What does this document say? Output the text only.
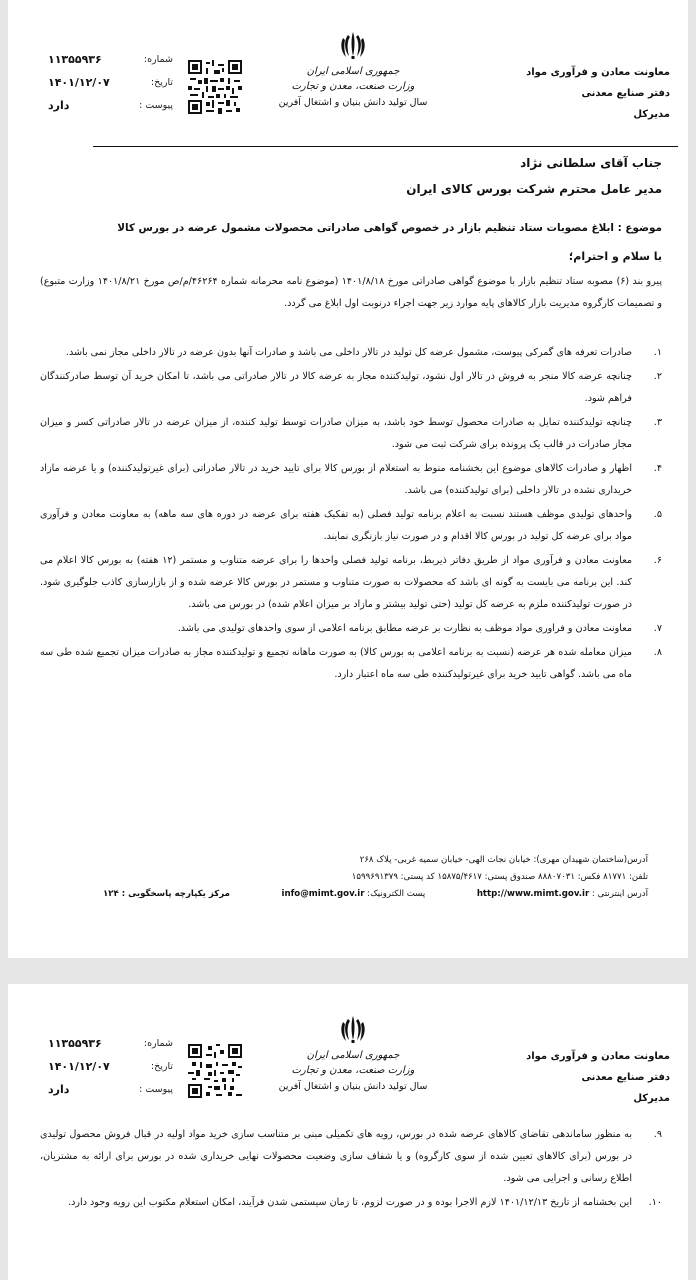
معاونت معادن و فرآوری مواد
دفتر صنایع معدنی
مدیرکل
جمهوری اسلامی ایران
وزارت صنعت، معدن و تجارت
سال تولید دانش بنیان و اشتغال آفرین
شماره:
۱۱۳۵۵۹۳۶
تاریخ:
۱۴۰۱/۱۲/۰۷
پیوست :
دارد
جناب آقای سلطانی نژاد
مدیر عامل محترم شرکت بورس کالای ایران
موضوع : ابلاغ مصوبات ستاد تنظیم بازار در خصوص گواهی صادراتی محصولات مشمول عرضه در بورس کالا
با سلام و احترام؛
پیرو بند (۶) مصوبه ستاد تنظیم بازار با موضوع گواهی صادراتی مورخ ۱۴۰۱/۸/۱۸ (موضوع نامه محرمانه شماره ۴۶۲۶۴/م/ص مورخ ۱۴۰۱/۸/۲۱ وزارت متبوع) و تصمیمات کارگروه مدیریت بازار کالاهای پایه موارد زیر جهت اجراء درنوبت اول ابلاغ می گردد.
۱.
صادرات تعرفه های گمرکی پیوست، مشمول عرضه کل تولید در تالار داخلی می باشد و صادرات آنها بدون عرضه در تالار داخلی مجاز نمی باشد.
۲.
چنانچه عرضه کالا منجر به فروش در تالار اول نشود، تولیدکننده مجاز به عرضه کالا در تالار صادراتی می باشد، تا امکان خرید آن توسط صادرکنندگان فراهم شود.
۳.
چنانچه تولیدکننده تمایل به صادرات محصول توسط خود باشد، به میزان صادرات توسط تولید کننده، از میزان عرضه در تالار صادراتی کسر و میزان مجاز صادرات در قالب یک پرونده برای شرکت ثبت می شود.
۴.
اظهار و صادرات کالاهای موضوع این بخشنامه منوط به استعلام از بورس کالا برای تایید خرید در تالار صادراتی (برای غیرتولیدکننده) و یا عرضه مازاد خریداری نشده در تالار داخلی (برای تولیدکننده) می باشد.
۵.
واحدهای تولیدی موظف هستند نسبت به اعلام برنامه تولید فصلی (به تفکیک هفته برای عرضه در دوره های سه ماهه) به معاونت معادن و فرآوری مواد برای عرضه کل تولید در بورس کالا اقدام و در صورت نیاز بازنگری نمایند.
۶.
معاونت معادن و فرآوری مواد از طریق دفاتر ذیربط، برنامه تولید فصلی واحدها را برای عرضه متناوب و مستمر (۱۲ هفته) به بورس کالا اعلام می کند. این برنامه می بایست به گونه ای باشد که محصولات به صورت متناوب و مستمر در بورس کالا عرضه شده و از بازارسازی کاذب جلوگیری شود. در صورت تولیدکننده ملزم به عرضه کل تولید (حتی تولید بیشتر و مازاد بر میزان اعلام شده) در بورس می باشد.
۷.
معاونت معادن و فراوری مواد موظف به نظارت بر عرضه مطابق برنامه اعلامی از سوی واحدهای تولیدی می باشد.
۸.
میزان معامله شده هر عرضه (نسبت به برنامه اعلامی به بورس کالا) به صورت ماهانه تجمیع و تولیدکننده مجاز به صادرات میزان تجمیع شده طی سه ماه می باشد. گواهی تایید خرید برای غیرتولیدکننده طی سه ماه اعتبار دارد.
آدرس(ساختمان شهیدان مهری): خیابان نجات الهی- خیابان سمیه غربی- پلاک ۲۶۸
تلفن: ۸۱۷۷۱ فکس: ۸۸۸۰۷۰۳۱ صندوق پستی: ۱۵۸۷۵/۴۶۱۷ کد پستی: ۱۵۹۹۶۹۱۳۷۹
آدرس اینترنتی : http://www.mimt.gov.ir
پست الکترونیک: info@mimt.gov.ir
مرکز یکپارچه پاسخگویی : ۱۲۴
معاونت معادن و فرآوری مواد
دفتر صنایع معدنی
مدیرکل
جمهوری اسلامی ایران
وزارت صنعت، معدن و تجارت
سال تولید دانش بنیان و اشتغال آفرین
شماره:
۱۱۳۵۵۹۳۶
تاریخ:
۱۴۰۱/۱۲/۰۷
پیوست :
دارد
۹.
به منظور ساماندهی تقاضای کالاهای عرضه شده در بورس، رویه های تکمیلی مبنی بر متناسب سازی خرید مواد اولیه در قبال فروش محصول تولیدی در بورس (برای کالاهای تعیین شده از سوی کارگروه) و یا شفاف سازی وضعیت محصولات نهایی خریداری شده در بورس برای ارائه به مشتریان، اطلاع رسانی و اجرایی می شود.
۱۰.
این بخشنامه از تاریخ ۱۴۰۱/۱۲/۱۳ لازم الاجرا بوده و در صورت لزوم، تا زمان سیستمی شدن فرآیند، امکان استعلام مکتوب این رویه وجود دارد.
